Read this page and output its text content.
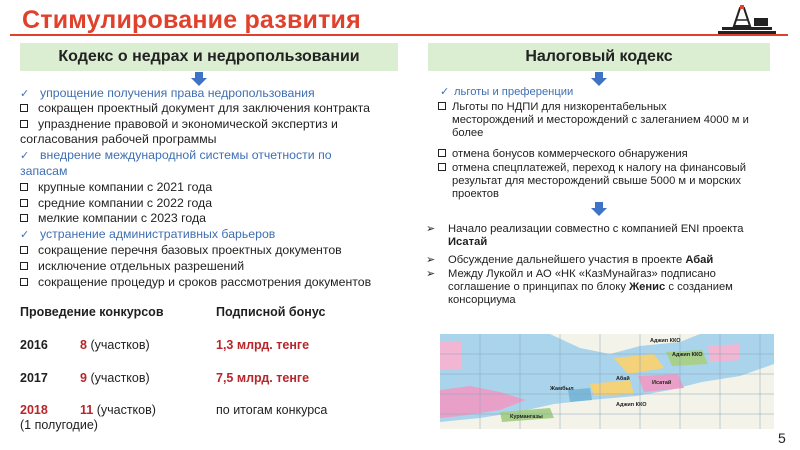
Стимулирование развития
Кодекс о недрах и недропользовании
✓ упрощение получения права недропользования
сокращен проектный документ для заключения контракта
упразднение правовой и экономической экспертиз и
согласования рабочей программы
✓ внедрение международной системы отчетности по
запасам
крупные компании с 2021 года
средние компании с 2022 года
мелкие компании с 2023 года
✓ устранение административных барьеров
сокращение перечня базовых проектных документов
исключение отдельных разрешений
сокращение процедур и сроков рассмотрения документов
Проведение конкурсов	Подписной бонус
2016	8 (участков)	1,3 млрд. тенге
2017	9 (участков)	7,5 млрд. тенге
2018	11 (участков)	по итогам конкурса
(1 полугодие)
Налоговый кодекс
✓ льготы и преференции
Льготы по НДПИ для низкорентабельных
месторождений и месторождений с залеганием 4000 м и
более
отмена бонусов коммерческого обнаружения
отмена спецплатежей, переход к налогу на финансовый
результат для месторождений свыше 5000 м и морских
проектов
➢ Начало реализации совместно с компанией ENI проекта
Исатай
➢ Обсуждение дальнейшего участия в проекте Абай
➢ Между Лукойл и АО «НК «КазМунайгаз» подписано
соглашение о принципах по блоку Женис с созданием
консорциума
Аджип ККО
Аджип ККО
Абай
Исатай
Аджип ККО
Жамбыл
Курмангазы
5
